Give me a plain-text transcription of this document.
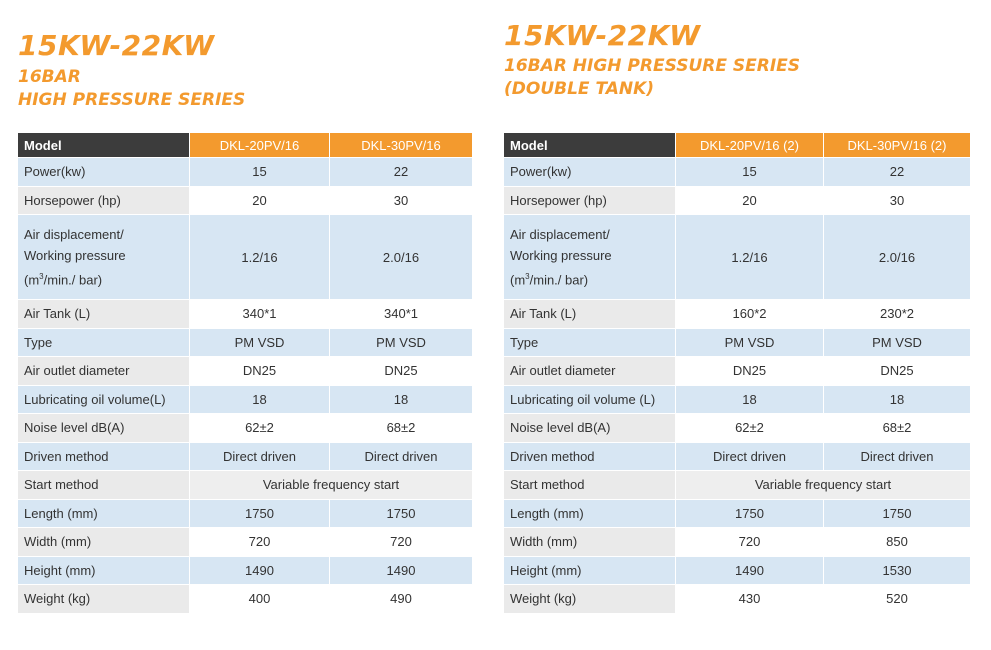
15KW-22KW
16BAR
HIGH PRESSURE SERIES
15KW-22KW
16BAR HIGH PRESSURE SERIES
(DOUBLE TANK)
Model	DKL-20PV/16	DKL-30PV/16
Power(kw)	15	22
Horsepower (hp)	20	30

Air displacement/
Working pressure
($m^3/\min./$ bar)	1.2/16	2.0/16
Air Tank (L)	340*1	340*1
Type	PM VSD	PM VSD
Air outlet diameter	DN25	DN25
Lubricating oil volume(L)	18	18
Noise level dB(A)	62±2	68±2
Driven method	Direct driven	Direct driven
Start method	Variable frequency start	
Length (mm)	1750	1750
Width (mm)	720	720
Height (mm)	1490	1490
Weight (kg)	400	490
Model	DKL-20PV/16 (2)	DKL-30PV/16 (2)
Power(kw)	15	22
Horsepower (hp)	20	30

Air displacement/
Working pressure
($m^3/\min./$ bar)	1.2/16	2.0/16
Air Tank (L)	160*2	230*2
Type	PM VSD	PM VSD
Air outlet diameter	DN25	DN25
Lubricating oil volume (L)	18	18
Noise level dB(A)	62±2	68±2
Driven method	Direct driven	Direct driven
Start method	Variable frequency start	
Length (mm)	1750	1750
Width (mm)	720	850
Height (mm)	1490	1530
Weight (kg)	430	520
